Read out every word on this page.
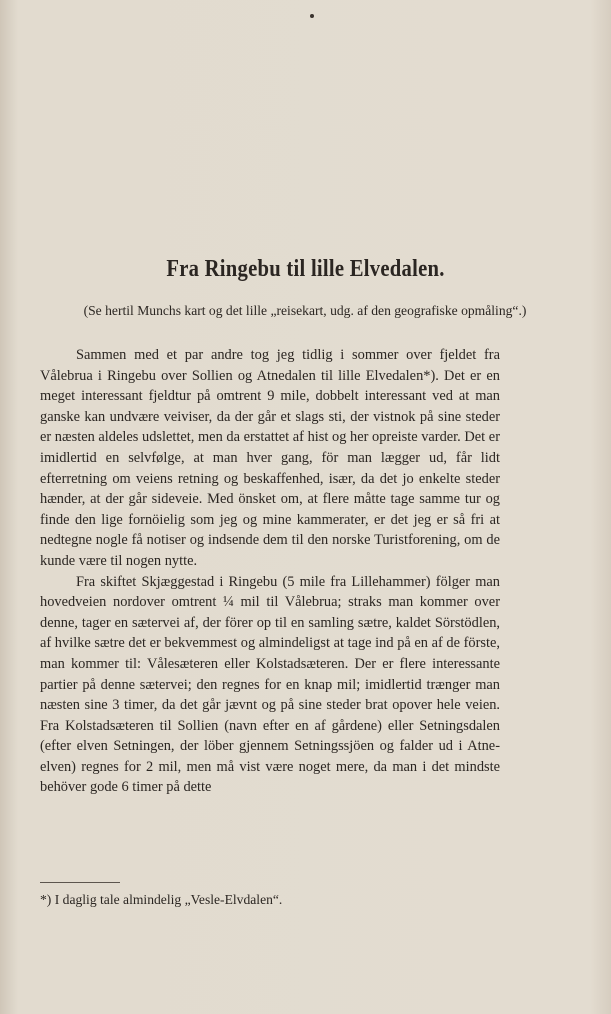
Fra Ringebu til lille Elvedalen.
(Se hertil Munchs kart og det lille „reisekart, udg. af den geografiske opmåling“.)

Sammen med et par andre tog jeg tidlig i sommer over fjeldet fra Vålebrua i Ringebu over Sollien og Atnedalen til lille Elvedalen*). Det er en meget interessant fjeldtur på omtrent 9 mile, dobbelt interessant ved at man ganske kan undvære veiviser, da der går et slags sti, der vistnok på sine steder er næsten aldeles udslettet, men da erstattet af hist og her opreiste varder. Det er imidlertid en selvfølge, at man hver gang, för man lægger ud, får lidt efterretning om veiens retning og beskaffenhed, især, da det jo enkelte steder hænder, at der går sideveie. Med önsket om, at flere måtte tage samme tur og finde den lige fornöielig som jeg og mine kammerater, er det jeg er så fri at nedtegne nogle få notiser og indsende dem til den norske Turistforening, om de kunde være til nogen nytte.

Fra skiftet Skjæggestad i Ringebu (5 mile fra Lillehammer) fölger man hovedveien nordover omtrent ¼ mil til Vålebrua; straks man kommer over denne, tager en sætervei af, der förer op til en samling sætre, kaldet Sörstödlen, af hvilke sætre det er bekvemmest og almindeligst at tage ind på en af de förste, man kommer til: Vålesæteren eller Kolstadsæteren. Der er flere interessante partier på denne sætervei; den regnes for en knap mil; imidlertid trænger man næsten sine 3 timer, da det går jævnt og på sine steder brat opover hele veien. Fra Kolstadsæteren til Sollien (navn efter en af gårdene) eller Setningsdalen (efter elven Setningen, der löber gjennem Setningssjöen og falder ud i Atne-elven) regnes for 2 mil, men må vist være noget mere, da man i det mindste behöver gode 6 timer på dette

*) I daglig tale almindelig „Vesle-Elvdalen“.
